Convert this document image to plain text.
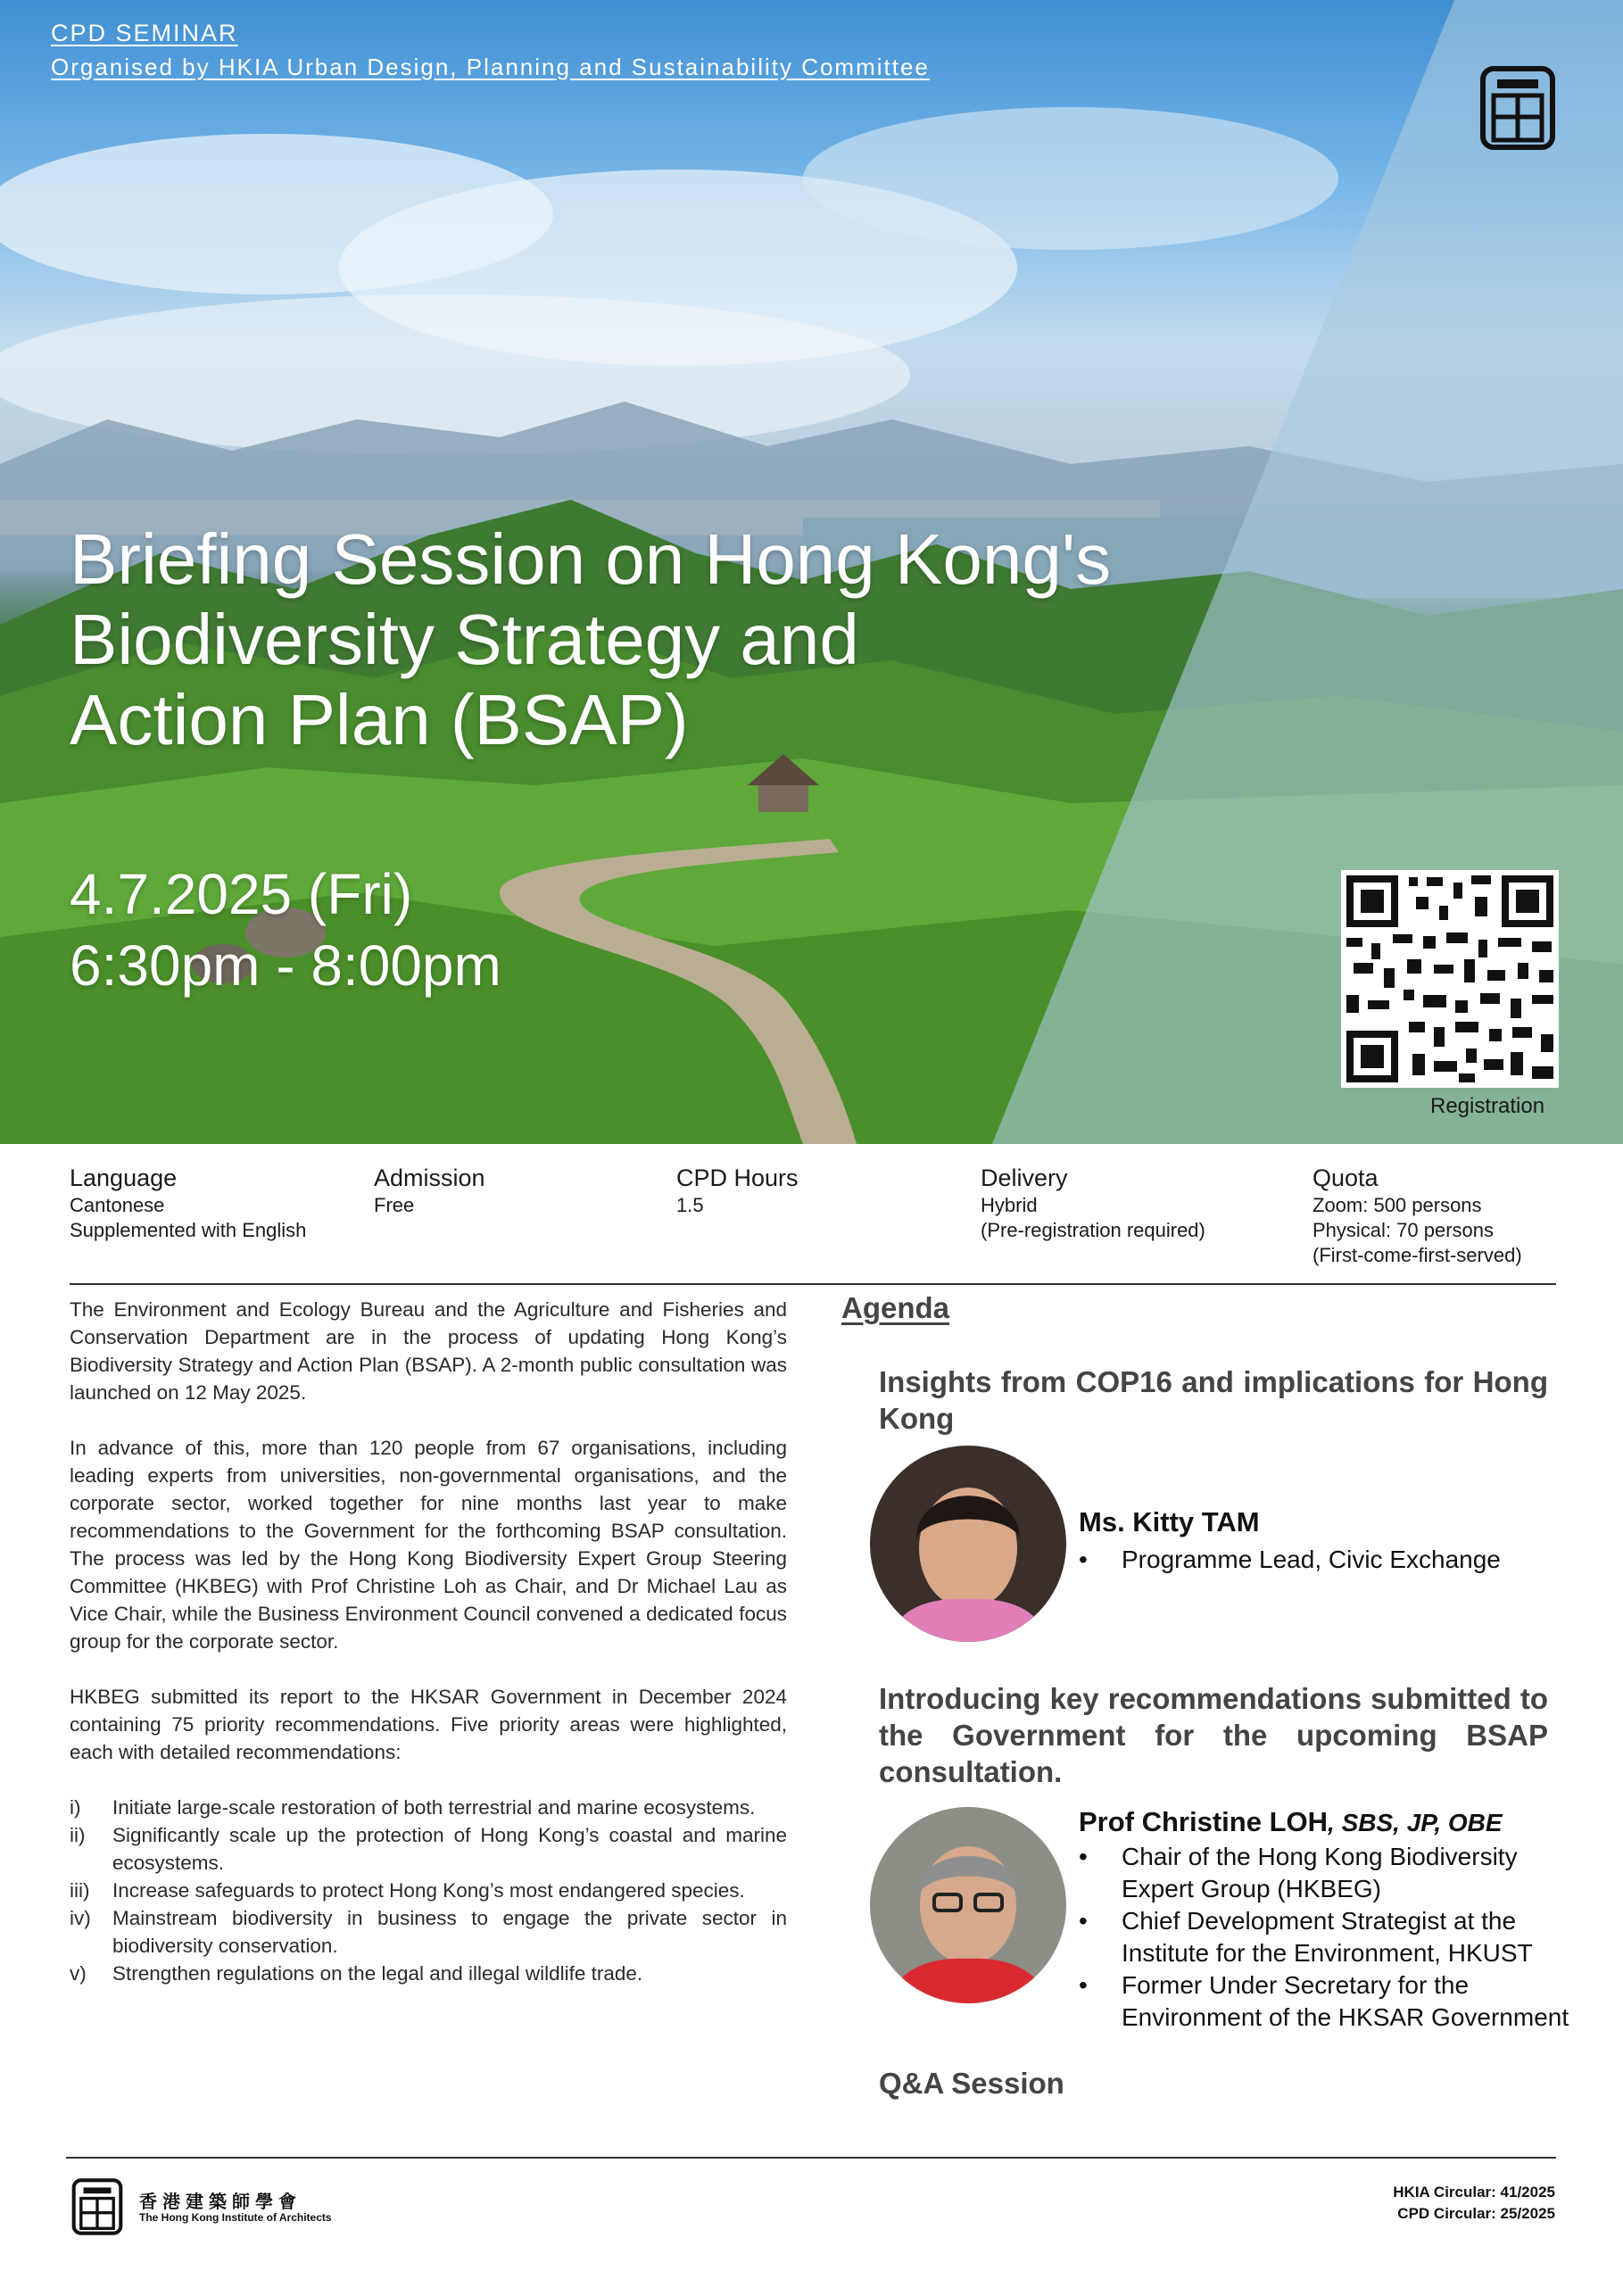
CPD SEMINAR
Organised by HKIA Urban Design, Planning and Sustainability Committee
Briefing Session on Hong Kong's
Biodiversity Strategy and
Action Plan (BSAP)
4.7.2025 (Fri)
6:30pm - 8:00pm
Registration
Language
Cantonese
Supplemented with English
Admission
Free
CPD Hours
1.5
Delivery
Hybrid
(Pre-registration required)
Quota
Zoom: 500 persons
Physical: 70 persons
(First-come-first-served)

The Environment and Ecology Bureau and the Agriculture and Fisheries and Conservation Department are in the process of updating Hong Kong’s Biodiversity Strategy and Action Plan (BSAP). A 2-month public consultation was launched on 12 May 2025.

In advance of this, more than 120 people from 67 organisations, including leading experts from universities, non-governmental organisations, and the corporate sector, worked together for nine months last year to make recommendations to the Government for the forthcoming BSAP consultation. The process was led by the Hong Kong Biodiversity Expert Group Steering Committee (HKBEG) with Prof Christine Loh as Chair, and Dr Michael Lau as Vice Chair, while the Business Environment Council convened a dedicated focus group for the corporate sector.

HKBEG submitted its report to the HKSAR Government in December 2024 containing 75 priority recommendations. Five priority areas were highlighted, each with detailed recommendations:

i) Initiate large-scale restoration of both terrestrial and marine ecosystems.
ii) Significantly scale up the protection of Hong Kong’s coastal and marine ecosystems.
iii) Increase safeguards to protect Hong Kong’s most endangered species.
iv) Mainstream biodiversity in business to engage the private sector in biodiversity conservation.
v) Strengthen regulations on the legal and illegal wildlife trade.
Agenda
Insights from COP16 and implications for Hong Kong
Ms. Kitty TAM
• Programme Lead, Civic Exchange
Introducing key recommendations submitted to the Government for the upcoming BSAP consultation.
Prof Christine LOH, SBS, JP, OBE
• Chair of the Hong Kong Biodiversity Expert Group (HKBEG)
• Chief Development Strategist at the Institute for the Environment, HKUST
• Former Under Secretary for the Environment of the HKSAR Government
Q&A Session
香港建築師學會
The Hong Kong Institute of Architects
HKIA Circular: 41/2025
CPD Circular: 25/2025
